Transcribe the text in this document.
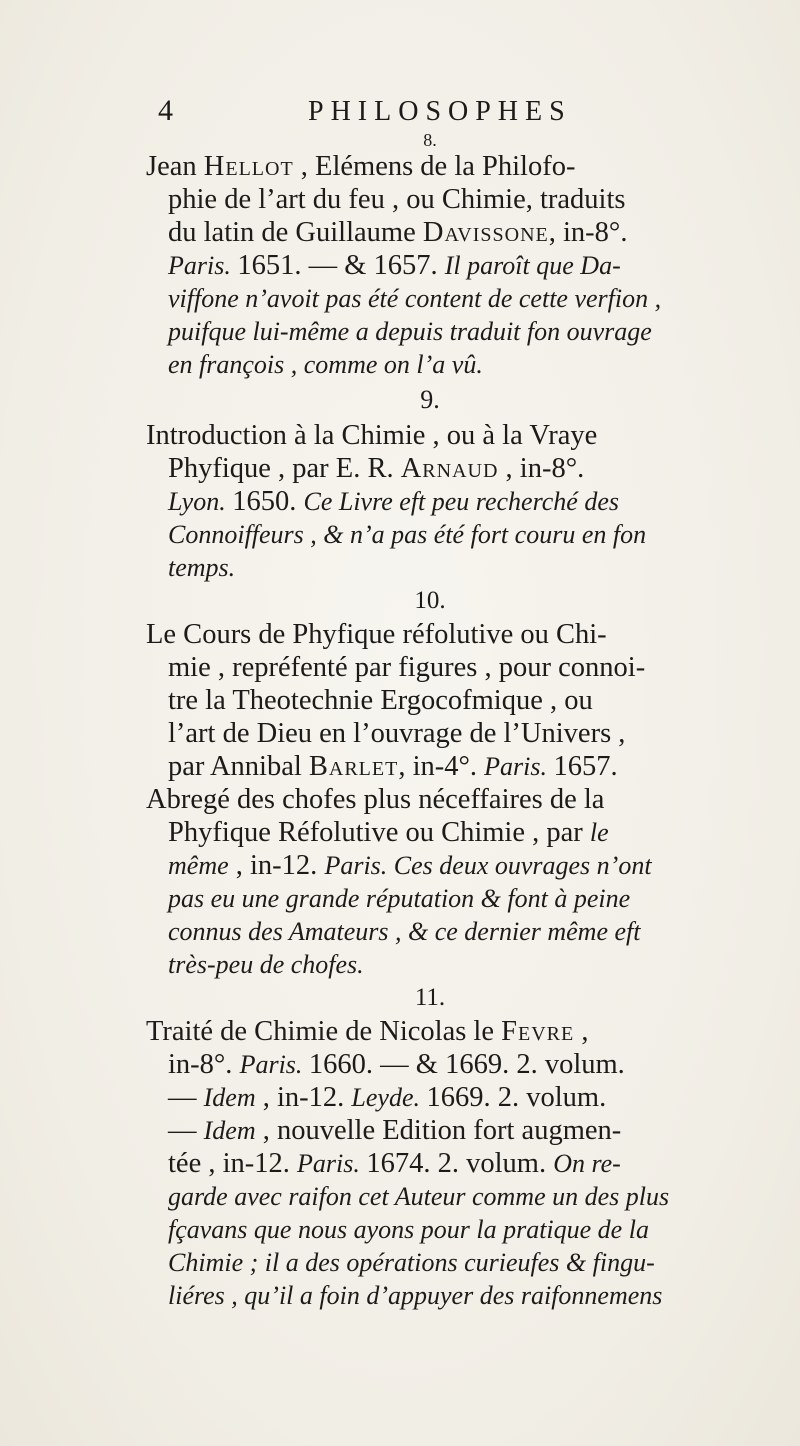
4	PHILOSOPHES
8.
Jean Hellot , Elémens de la Philofo-
phie de l’art du feu , ou Chimie, traduits
du latin de Guillaume Davissone, in-8°.
Paris. 1651. — & 1657. Il paroît que Da-
viffone n’avoit pas été content de cette verfion ,
puifque lui-même a depuis traduit fon ouvrage
en françois , comme on l’a vû.
9.
Introduction à la Chimie , ou à la Vraye
Phyfique , par E. R. Arnaud , in-8°.
Lyon. 1650. Ce Livre eft peu recherché des
Connoiffeurs , & n’a pas été fort couru en fon
temps.
10.
Le Cours de Phyfique réfolutive ou Chi-
mie , repréfenté par figures , pour connoi-
tre la Theotechnie Ergocofmique , ou
l’art de Dieu en l’ouvrage de l’Univers ,
par Annibal Barlet, in-4°. Paris. 1657.
Abregé des chofes plus néceffaires de la
Phyfique Réfolutive ou Chimie , par le
même , in-12. Paris. Ces deux ouvrages n’ont
pas eu une grande réputation & font à peine
connus des Amateurs , & ce dernier même eft
très-peu de chofes.
11.
Traité de Chimie de Nicolas le Fevre ,
in-8°. Paris. 1660. — & 1669. 2. volum.
— Idem , in-12. Leyde. 1669. 2. volum.
— Idem , nouvelle Edition fort augmen-
tée , in-12. Paris. 1674. 2. volum. On re-
garde avec raifon cet Auteur comme un des plus
fçavans que nous ayons pour la pratique de la
Chimie ; il a des opérations curieufes & fingu-
liéres , qu’il a foin d’appuyer des raifonnemens
